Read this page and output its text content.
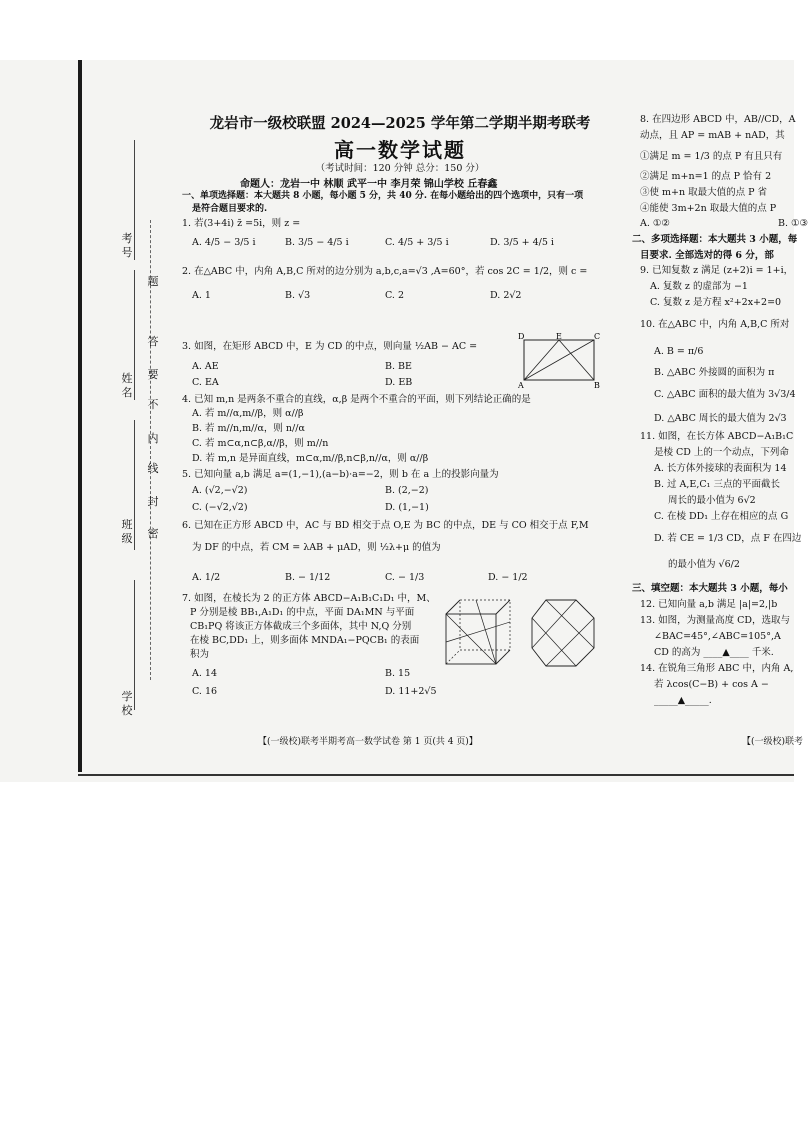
考号
姓名
班级
学校
题
答
要
不
内
线
封
密
龙岩市一级校联盟 2024—2025 学年第二学期半期考联考
高一数学试题
（考试时间：120 分钟 总分：150 分）
命题人：龙岩一中 林顺 武平一中 李月荣 锦山学校 丘春鑫
一、单项选择题：本大题共 8 小题，每小题 5 分，共 40 分. 在每小题给出的四个选项中，只有一项
是符合题目要求的.
1. 若(3+4i) z̄ =5i，则 z =
A. 4/5 − 3/5 i	B. 3/5 − 4/5 i	C. 4/5 + 3/5 i	D. 3/5 + 4/5 i
2. 在△ABC 中，内角 A,B,C 所对的边分别为 a,b,c,a=√3 ,A=60°，若 cos 2C = 1/2，则 c =
A. 1	B. √3	C. 2	D. 2√2
3. 如图，在矩形 ABCD 中，E 为 CD 的中点，则向量 ½AB − AC =
A. AE	B. BE
C. EA	D. EB
D	E	C
A	B
4. 已知 m,n 是两条不重合的直线，α,β 是两个不重合的平面，则下列结论正确的是
A. 若 m//α,m//β，则 α//β
B. 若 m//n,m//α，则 n//α
C. 若 m⊂α,n⊂β,α//β，则 m//n
D. 若 m,n 是异面直线，m⊂α,m//β,n⊂β,n//α，则 α//β
5. 已知向量 a,b 满足 a=(1,−1),(a−b)·a=−2，则 b 在 a 上的投影向量为
A. (√2,−√2)	B. (2,−2)
C. (−√2,√2)	D. (1,−1)
6. 已知在正方形 ABCD 中，AC 与 BD 相交于点 O,E 为 BC 的中点，DE 与 CO 相交于点 F,M
为 DF 的中点，若 CM = λAB + μAD，则 ½λ+μ 的值为
A. 1/2	B. − 1/12	C. − 1/3	D. − 1/2
7. 如图，在棱长为 2 的正方体 ABCD−A₁B₁C₁D₁ 中，M、
P 分别是棱 BB₁,A₁D₁ 的中点，平面 DA₁MN 与平面
CB₁PQ 将该正方体截成三个多面体，其中 N,Q 分别
在棱 BC,DD₁ 上，则多面体 MNDA₁−PQCB₁ 的表面
积为
A. 14	B. 15
C. 16	D. 11+2√5
【(一级校)联考半期考高一数学试卷 第 1 页(共 4 页)】
8. 在四边形 ABCD 中，AB//CD，A
动点，且 AP = mAB + nAD，其
①满足 m = 1/3 的点 P 有且只有
②满足 m+n=1 的点 P 恰有 2
③使 m+n 取最大值的点 P 省
④能使 3m+2n 取最大值的点 P
A. ①②	B. ①③
二、多项选择题：本大题共 3 小题，每
目要求. 全部选对的得 6 分，部
9. 已知复数 z 满足 (z+2)i = 1+i，
A. 复数 z 的虚部为 −1
C. 复数 z 是方程 x²+2x+2=0
10. 在△ABC 中，内角 A,B,C 所对
A. B = π/6
B. △ABC 外接圆的面积为 π
C. △ABC 面积的最大值为 3√3/4
D. △ABC 周长的最大值为 2√3
11. 如图，在长方体 ABCD−A₁B₁C
是棱 CD 上的一个动点，下列命
A. 长方体外接球的表面积为 14
B. 过 A,E,C₁ 三点的平面截长
周长的最小值为 6√2
C. 在棱 DD₁ 上存在相应的点 G
D. 若 CE = 1/3 CD，点 F 在四边
的最小值为 √6/2
三、填空题：本大题共 3 小题，每小
12. 已知向量 a,b 满足 |a|=2,|b
13. 如图，为测量高度 CD，选取与
∠BAC=45°,∠ABC=105°,A
CD 的高为 ____▲____ 千米.
14. 在锐角三角形 ABC 中，内角 A,
若 λcos(C−B) + cos A −
_____▲_____.
【(一级校)联考
